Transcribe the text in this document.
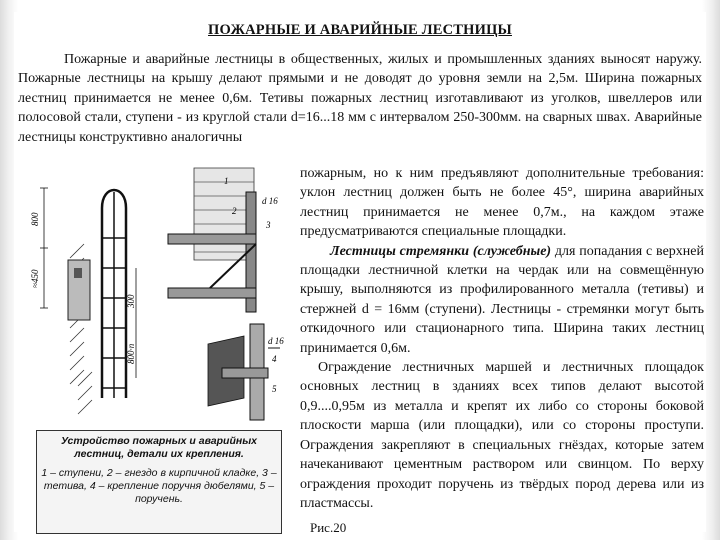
ПОЖАРНЫЕ И АВАРИЙНЫЕ ЛЕСТНИЦЫ

Пожарные и аварийные лестницы в общественных, жилых и промышленных зданиях выносят наружу. Пожарные лестницы на крышу делают прямыми и не доводят до уровня земли на 2,5м. Ширина пожарных лестниц принимается не менее 0,6м. Тетивы пожарных лестниц изготавливают из уголков, швеллеров или полосовой стали, ступени - из круглой стали d=16...18 мм с интервалом 250-300мм. на сварных швах. Аварийные лестницы конструктивно аналогичны

800
≈450
300
800·n
d 16
1
2
3
d 16
4
5
Устройство пожарных и аварийных лестниц, детали их крепления.
1 – ступени, 2 – гнездо в кирпичной кладке, 3 – тетива, 4 – крепление поручня дюбелями, 5 – поручень.

пожарным, но к ним предъявляют дополнительные требования: уклон лестниц должен быть не более 45°, ширина аварийных лестниц принимается не менее 0,7м., на каждом этаже предусматриваются специальные площадки.

Лестницы стремянки (служебные) для попадания с верхней площадки лестничной клетки на чердак или на совмещённую крышу, выполняются из профилированного металла (тетивы) и стержней d = 16мм (ступени). Лестницы - стремянки могут быть откидочного или стационарного типа. Ширина таких лестниц принимается 0,6м.

Ограждение лестничных маршей и лестничных площадок основных лестниц в зданиях всех типов делают высотой 0,9....0,95м из металла и крепят их либо со стороны боковой плоскости марша (или площадки), или со стороны проступи. Ограждения закрепляют в специальных гнёздах, которые затем начеканивают цементным раствором или свинцом. По верху ограждения проходит поручень из твёрдых пород дерева или из пластмассы.

Рис.20
